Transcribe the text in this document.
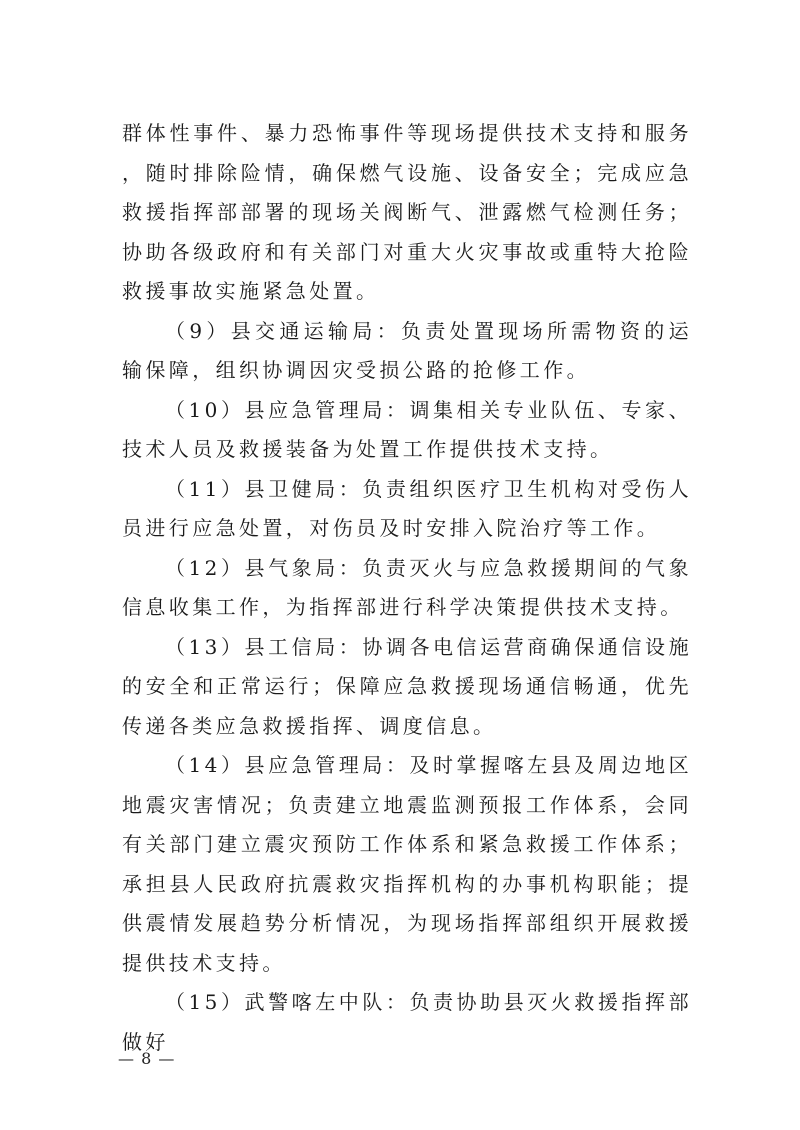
群体性事件、暴力恐怖事件等现场提供技术支持和服务，随时排除险情，确保燃气设施、设备安全；完成应急救援指挥部部署的现场关阀断气、泄露燃气检测任务；协助各级政府和有关部门对重大火灾事故或重特大抢险救援事故实施紧急处置。

（9）县交通运输局：负责处置现场所需物资的运输保障，组织协调因灾受损公路的抢修工作。

（10）县应急管理局：调集相关专业队伍、专家、技术人员及救援装备为处置工作提供技术支持。

（11）县卫健局：负责组织医疗卫生机构对受伤人员进行应急处置，对伤员及时安排入院治疗等工作。

（12）县气象局：负责灭火与应急救援期间的气象信息收集工作，为指挥部进行科学决策提供技术支持。

（13）县工信局：协调各电信运营商确保通信设施的安全和正常运行；保障应急救援现场通信畅通，优先传递各类应急救援指挥、调度信息。

（14）县应急管理局：及时掌握喀左县及周边地区地震灾害情况；负责建立地震监测预报工作体系，会同有关部门建立震灾预防工作体系和紧急救援工作体系；承担县人民政府抗震救灾指挥机构的办事机构职能；提供震情发展趋势分析情况，为现场指挥部组织开展救援提供技术支持。

（15）武警喀左中队：负责协助县灭火救援指挥部做好

— 8 —
